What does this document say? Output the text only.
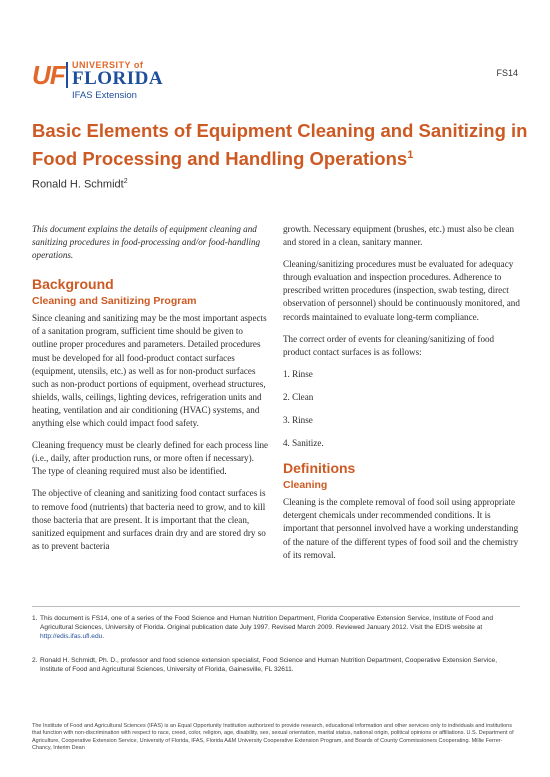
UF UNIVERSITY of
FLORIDA
IFAS Extension
FS14
Basic Elements of Equipment Cleaning and Sanitizing in Food Processing and Handling Operations$^1$
Ronald H. Schmidt$^2$

This document explains the details of equipment cleaning and sanitizing procedures in food-processing and/or food-handling operations.

Background
Cleaning and Sanitizing Program

Since cleaning and sanitizing may be the most important aspects of a sanitation program, sufficient time should be given to outline proper procedures and parameters. Detailed procedures must be developed for all food-product contact surfaces (equipment, utensils, etc.) as well as for non-product surfaces such as non-product portions of equipment, overhead structures, shields, walls, ceilings, lighting devices, refrigeration units and heating, ventilation and air conditioning (HVAC) systems, and anything else which could impact food safety.

Cleaning frequency must be clearly defined for each process line (i.e., daily, after production runs, or more often if necessary). The type of cleaning required must also be identified.

The objective of cleaning and sanitizing food contact surfaces is to remove food (nutrients) that bacteria need to grow, and to kill those bacteria that are present. It is important that the clean, sanitized equipment and surfaces drain dry and are stored dry so as to prevent bacteria

growth. Necessary equipment (brushes, etc.) must also be clean and stored in a clean, sanitary manner.

Cleaning/sanitizing procedures must be evaluated for adequacy through evaluation and inspection procedures. Adherence to prescribed written procedures (inspection, swab testing, direct observation of personnel) should be continuously monitored, and records maintained to evaluate long-term compliance.

The correct order of events for cleaning/sanitizing of food product contact surfaces is as follows:

1. Rinse
2. Clean
3. Rinse
4. Sanitize.
Definitions
Cleaning

Cleaning is the complete removal of food soil using appropriate detergent chemicals under recommended conditions. It is important that personnel involved have a working understanding of the nature of the different types of food soil and the chemistry of its removal.

1. This document is FS14, one of a series of the Food Science and Human Nutrition Department, Florida Cooperative Extension Service, Institute of Food and Agricultural Sciences, University of Florida. Original publication date July 1997. Revised March 2009. Reviewed January 2012. Visit the EDIS website at http://edis.ifas.ufl.edu.
2. Ronald H. Schmidt, Ph. D., professor and food science extension specialist, Food Science and Human Nutrition Department, Cooperative Extension Service, Institute of Food and Agricultural Sciences, University of Florida, Gainesville, FL 32611.
The Institute of Food and Agricultural Sciences (IFAS) is an Equal Opportunity Institution authorized to provide research, educational information and other services only to individuals and institutions that function with non-discrimination with respect to race, creed, color, religion, age, disability, sex, sexual orientation, marital status, national origin, political opinions or affiliations. U.S. Department of Agriculture, Cooperative Extension Service, University of Florida, IFAS, Florida A&M University Cooperative Extension Program, and Boards of County Commissioners Cooperating. Millie Ferrer-Chancy, Interim Dean
